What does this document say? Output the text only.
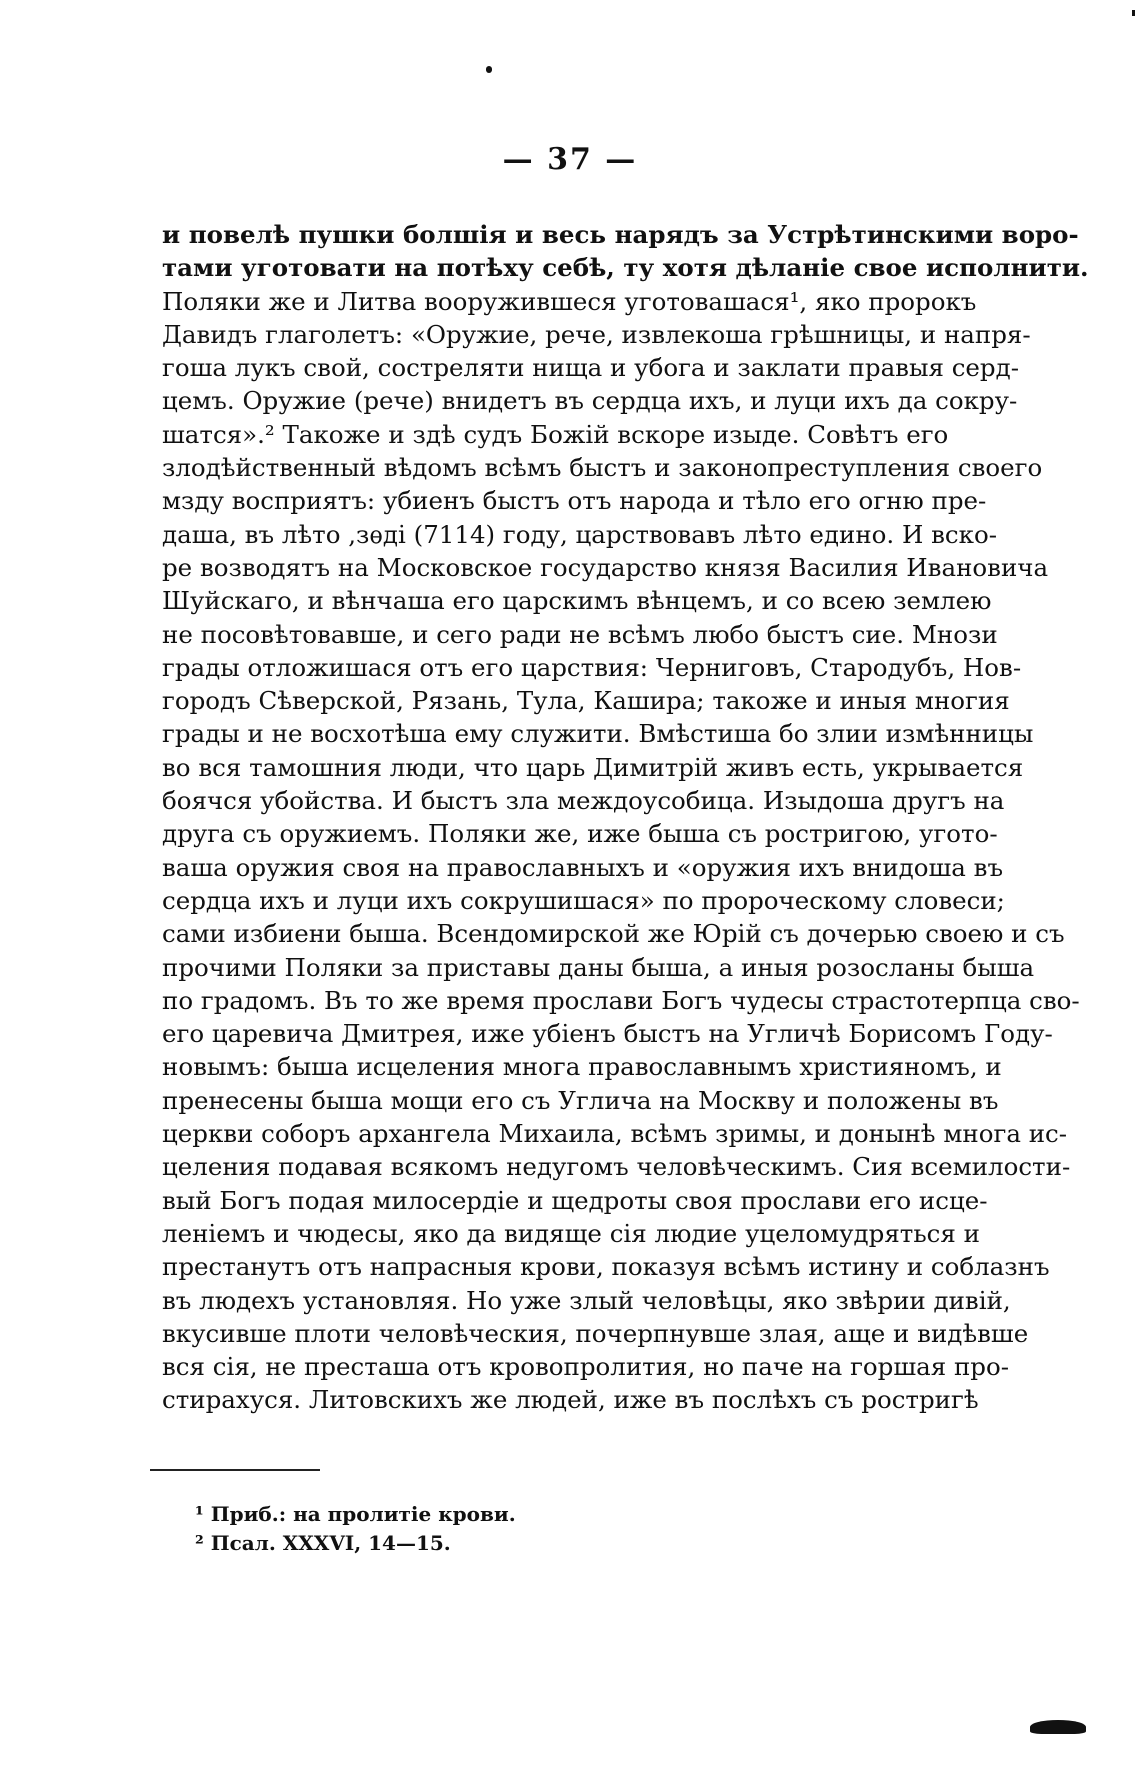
— 37 —
и повелѣ пушки болшія и весь нарядъ за Устрѣтинскими воро-
тами уготовати на потѣху себѣ, ту хотя дѣланіе свое исполнити.
Поляки же и Литва вооружившеся уготовашася¹, яко пророкъ
Давидъ глаголетъ: «Оружие, рече, извлекоша грѣшницы, и напря-
гоша лукъ свой, состреляти нища и убога и заклати правыя серд-
цемъ. Оружие (рече) внидетъ въ сердца ихъ, и луци ихъ да сокру-
шатся».² Такоже и здѣ судъ Божій вскоре изыде. Совѣтъ его
злодѣйственный вѣдомъ всѣмъ быстъ и законопреступления своего
мзду восприятъ: убиенъ быстъ отъ народа и тѣло его огню пре-
даша, въ лѣто ,зѳді (7114) году, царствовавъ лѣто едино. И вско-
ре возводятъ на Московское государство князя Василия Ивановича
Шуйскаго, и вѣнчаша его царскимъ вѣнцемъ, и со всею землею
не посовѣтовавше, и сего ради не всѣмъ любо быстъ сие. Мнози
грады отложишася отъ его царствия: Черниговъ, Стародубъ, Нов-
городъ Сѣверской, Рязань, Тула, Кашира; такоже и иныя многия
грады и не восхотѣша ему служити. Вмѣстиша бо злии измѣнницы
во вся тамошния люди, что царь Димитрій живъ есть, укрывается
боячся убойства. И быстъ зла междоусобица. Изыдоша другъ на
друга съ оружиемъ. Поляки же, иже быша съ ростригою, угото-
ваша оружия своя на православныхъ и «оружия ихъ внидоша въ
сердца ихъ и луци ихъ сокрушишася» по пророческому словеси;
сами избиени быша. Всендомирской же Юрій съ дочерью своею и съ
прочими Поляки за приставы даны быша, а иныя розосланы быша
по градомъ. Въ то же время прослави Богъ чудесы страстотерпца сво-
его царевича Дмитрея, иже убіенъ быстъ на Угличѣ Борисомъ Году-
новымъ: быша исцеления многа православнымъ християномъ, и
пренесены быша мощи его съ Углича на Москву и положены въ
церкви соборъ архангела Михаила, всѣмъ зримы, и донынѣ многа ис-
целения подавая всякомъ недугомъ человѣческимъ. Сия всемилости-
вый Богъ подая милосердіе и щедроты своя прослави его исце-
леніемъ и чюдесы, яко да видяще сія людие уцеломудряться и
престанутъ отъ напрасныя крови, показуя всѣмъ истину и соблазнъ
въ людехъ установляя. Но уже злый человѣцы, яко звѣрии дивій,
вкусивше плоти человѣческия, почерпнувше злая, аще и видѣвше
вся сія, не престаша отъ кровопролития, но паче на горшая про-
стирахуся. Литовскихъ же людей, иже въ послѣхъ съ ростригѣ
¹ Приб.: на пролитіе крови.
² Псал. XXXVI, 14—15.
